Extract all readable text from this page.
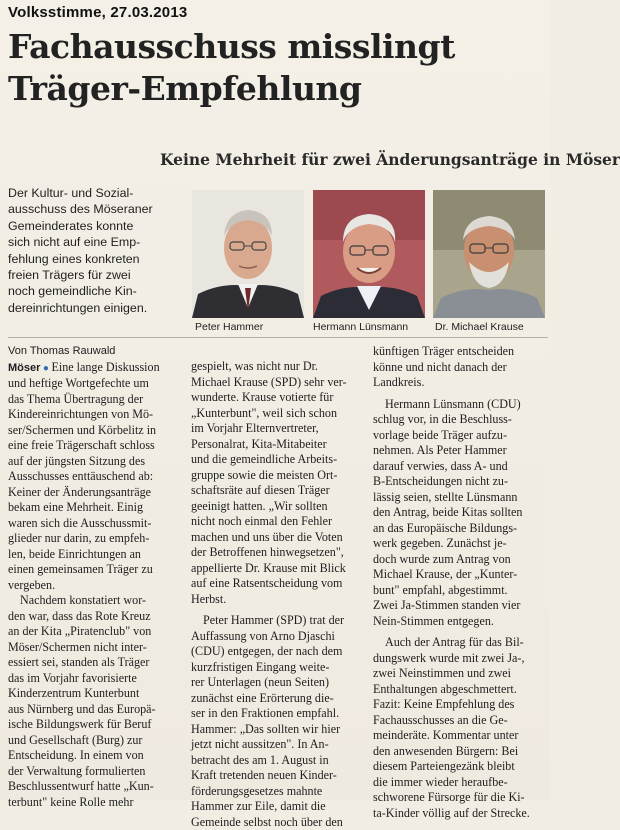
Volksstimme, 27.03.2013
Fachausschuss misslingt
Träger-Empfehlung
Keine Mehrheit für zwei Änderungsanträge in Möser
Der Kultur- und Sozial-
ausschuss des Möseraner
Gemeinderates konnte
sich nicht auf eine Emp-
fehlung eines konkreten
freien Trägers für zwei
noch gemeindliche Kin-
dereinrichtungen einigen.
Peter Hammer	Hermann Lünsmann	Dr. Michael Krause
Von Thomas Rauwald
Möser ● Eine lange Diskussion
und heftige Wortgefechte um
das Thema Übertragung der
Kindereinrichtungen von Mö-
ser/Schermen und Körbelitz in
eine freie Trägerschaft schloss
auf der jüngsten Sitzung des
Ausschusses enttäuschend ab:
Keiner der Änderungsanträge
bekam eine Mehrheit. Einig
waren sich die Ausschussmit-
glieder nur darin, zu empfeh-
len, beide Einrichtungen an
einen gemeinsamen Träger zu
vergeben.
Nachdem konstatiert wor-
den war, dass das Rote Kreuz
an der Kita „Piratenclub" von
Möser/Schermen nicht inter-
essiert sei, standen als Träger
das im Vorjahr favorisierte
Kinderzentrum Kunterbunt
aus Nürnberg und das Europä-
ische Bildungswerk für Beruf
und Gesellschaft (Burg) zur
Entscheidung. In einem von
der Verwaltung formulierten
Beschlussentwurf hatte „Kun-
terbunt" keine Rolle mehr
gespielt, was nicht nur Dr.
Michael Krause (SPD) sehr ver-
wunderte. Krause votierte für
„Kunterbunt", weil sich schon
im Vorjahr Elternvertreter,
Personalrat, Kita-Mitabeiter
und die gemeindliche Arbeits-
gruppe sowie die meisten Ort-
schaftsräte auf diesen Träger
geeinigt hatten. „Wir sollten
nicht noch einmal den Fehler
machen und uns über die Voten
der Betroffenen hinwegsetzen",
appellierte Dr. Krause mit Blick
auf eine Ratsentscheidung vom
Herbst.
Peter Hammer (SPD) trat der
Auffassung von Arno Djaschi
(CDU) entgegen, der nach dem
kurzfristigen Eingang weite-
rer Unterlagen (neun Seiten)
zunächst eine Erörterung die-
ser in den Fraktionen empfahl.
Hammer: „Das sollten wir hier
jetzt nicht aussitzen". In An-
betracht des am 1. August in
Kraft tretenden neuen Kinder-
förderungsgesetzes mahnte
Hammer zur Eile, damit die
Gemeinde selbst noch über den
künftigen Träger entscheiden
könne und nicht danach der
Landkreis.
Hermann Lünsmann (CDU)
schlug vor, in die Beschluss-
vorlage beide Träger aufzu-
nehmen. Als Peter Hammer
darauf verwies, dass A- und
B-Entscheidungen nicht zu-
lässig seien, stellte Lünsmann
den Antrag, beide Kitas sollten
an das Europäische Bildungs-
werk gegeben. Zunächst je-
doch wurde zum Antrag von
Michael Krause, der „Kunter-
bunt" empfahl, abgestimmt.
Zwei Ja-Stimmen standen vier
Nein-Stimmen entgegen.
Auch der Antrag für das Bil-
dungswerk wurde mit zwei Ja-,
zwei Neinstimmen und zwei
Enthaltungen abgeschmettert.
Fazit: Keine Empfehlung des
Fachausschusses an die Ge-
meinderäte. Kommentar unter
den anwesenden Bürgern: Bei
diesem Parteiengezänk bleibt
die immer wieder heraufbe-
schworene Fürsorge für die Ki-
ta-Kinder völlig auf der Strecke.
